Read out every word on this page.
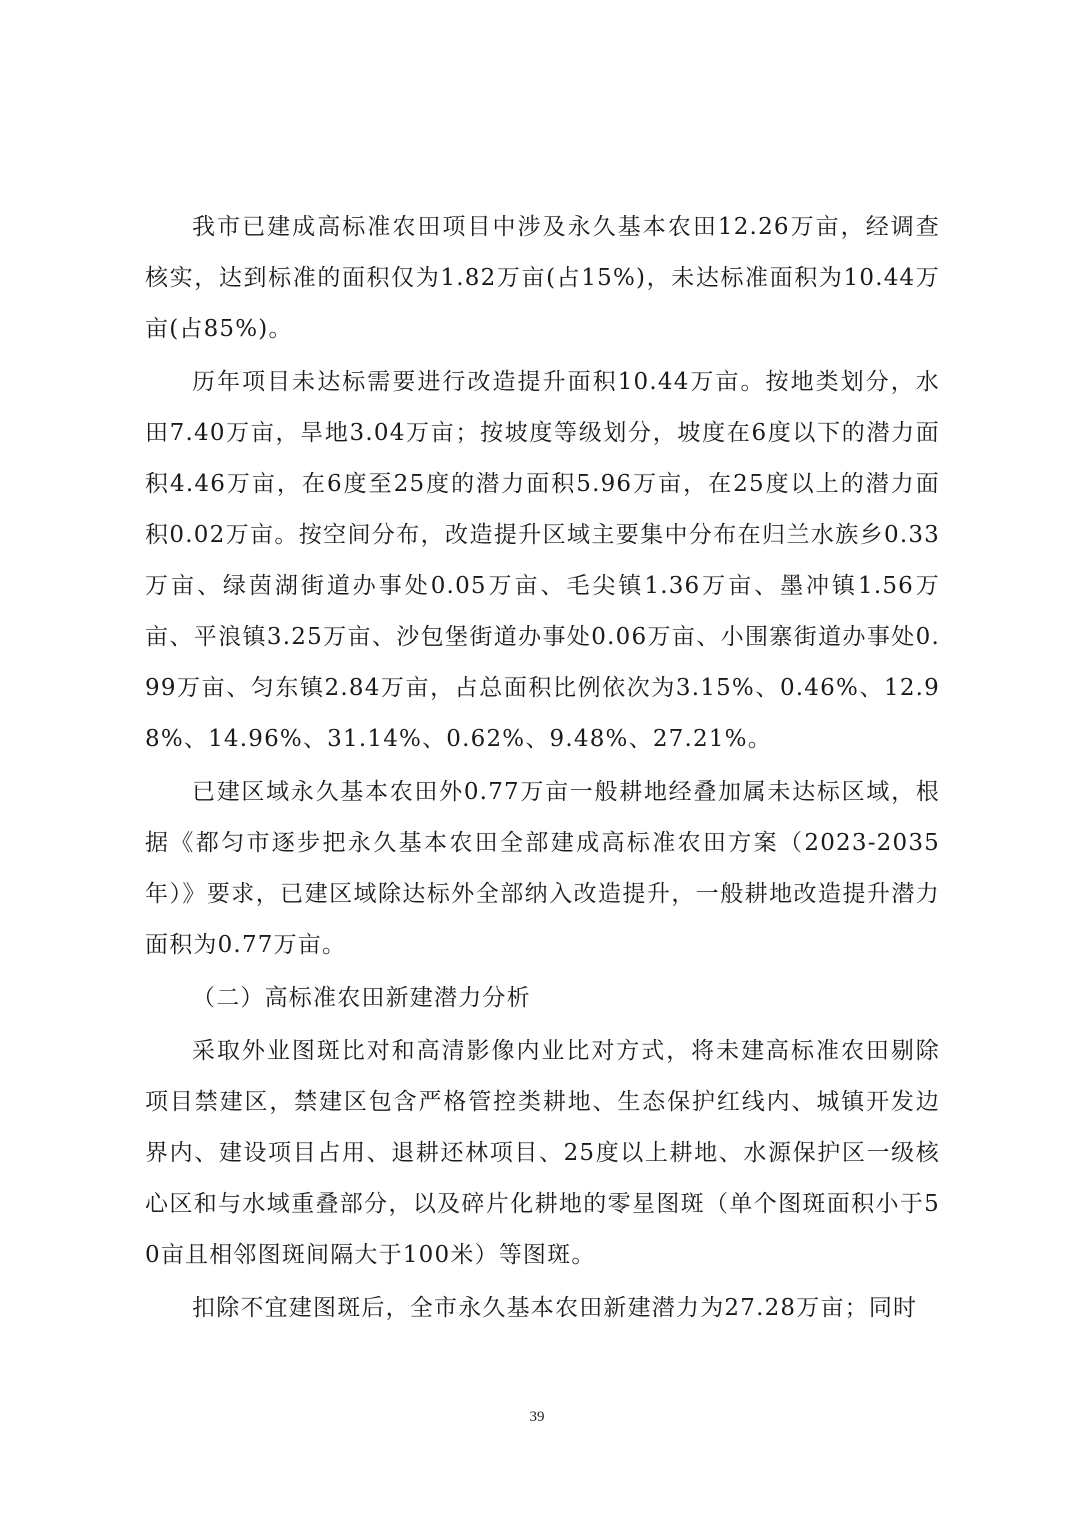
我市已建成高标准农田项目中涉及永久基本农田12.26万亩，经调查核实，达到标准的面积仅为1.82万亩(占15%)，未达标准面积为10.44万亩(占85%)。

历年项目未达标需要进行改造提升面积10.44万亩。按地类划分，水田7.40万亩，旱地3.04万亩；按坡度等级划分，坡度在6度以下的潜力面积4.46万亩，在6度至25度的潜力面积5.96万亩，在25度以上的潜力面积0.02万亩。按空间分布，改造提升区域主要集中分布在归兰水族乡0.33万亩、绿茵湖街道办事处0.05万亩、毛尖镇1.36万亩、墨冲镇1.56万亩、平浪镇3.25万亩、沙包堡街道办事处0.06万亩、小围寨街道办事处0.99万亩、匀东镇2.84万亩，占总面积比例依次为3.15%、0.46%、12.98%、14.96%、31.14%、0.62%、9.48%、27.21%。

已建区域永久基本农田外0.77万亩一般耕地经叠加属未达标区域，根据《都匀市逐步把永久基本农田全部建成高标准农田方案（2023-2035年）》要求，已建区域除达标外全部纳入改造提升，一般耕地改造提升潜力面积为0.77万亩。

（二）高标准农田新建潜力分析

采取外业图斑比对和高清影像内业比对方式，将未建高标准农田剔除项目禁建区，禁建区包含严格管控类耕地、生态保护红线内、城镇开发边界内、建设项目占用、退耕还林项目、25度以上耕地、水源保护区一级核心区和与水域重叠部分，以及碎片化耕地的零星图斑（单个图斑面积小于50亩且相邻图斑间隔大于100米）等图斑。

扣除不宜建图斑后，全市永久基本农田新建潜力为27.28万亩；同时

39
